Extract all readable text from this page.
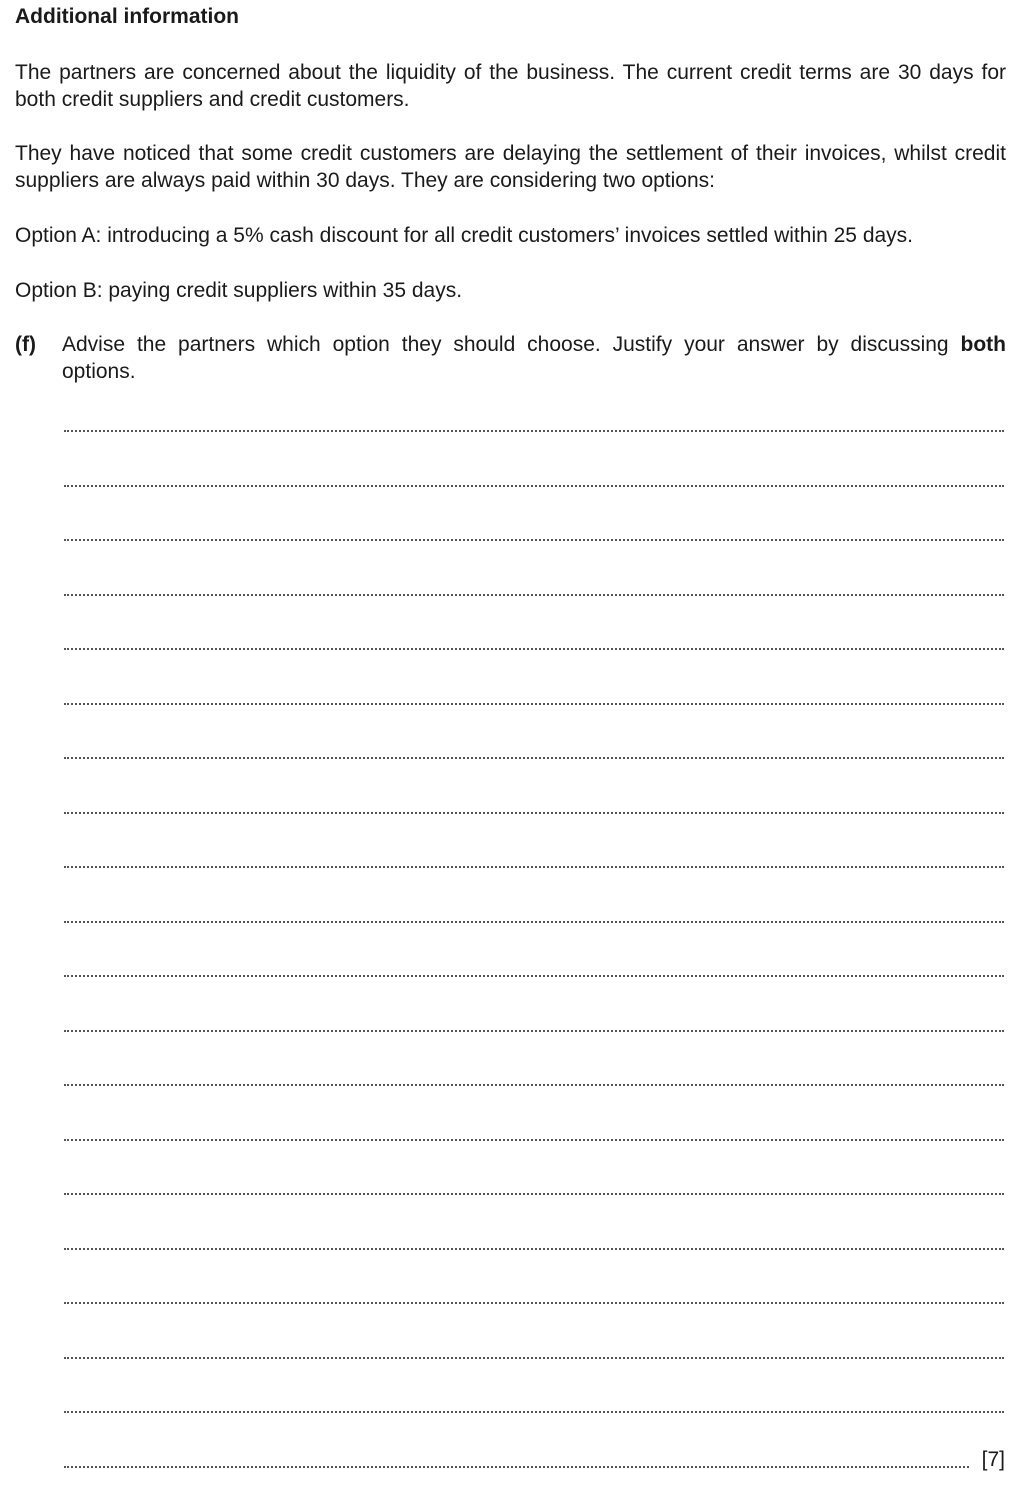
Additional information
The partners are concerned about the liquidity of the business. The current credit terms are 30 days for both credit suppliers and credit customers.
They have noticed that some credit customers are delaying the settlement of their invoices, whilst credit suppliers are always paid within 30 days. They are considering two options:
Option A: introducing a 5% cash discount for all credit customers’ invoices settled within 25 days.
Option B: paying credit suppliers within 35 days.
(f) Advise the partners which option they should choose. Justify your answer by discussing both options.
[7]
